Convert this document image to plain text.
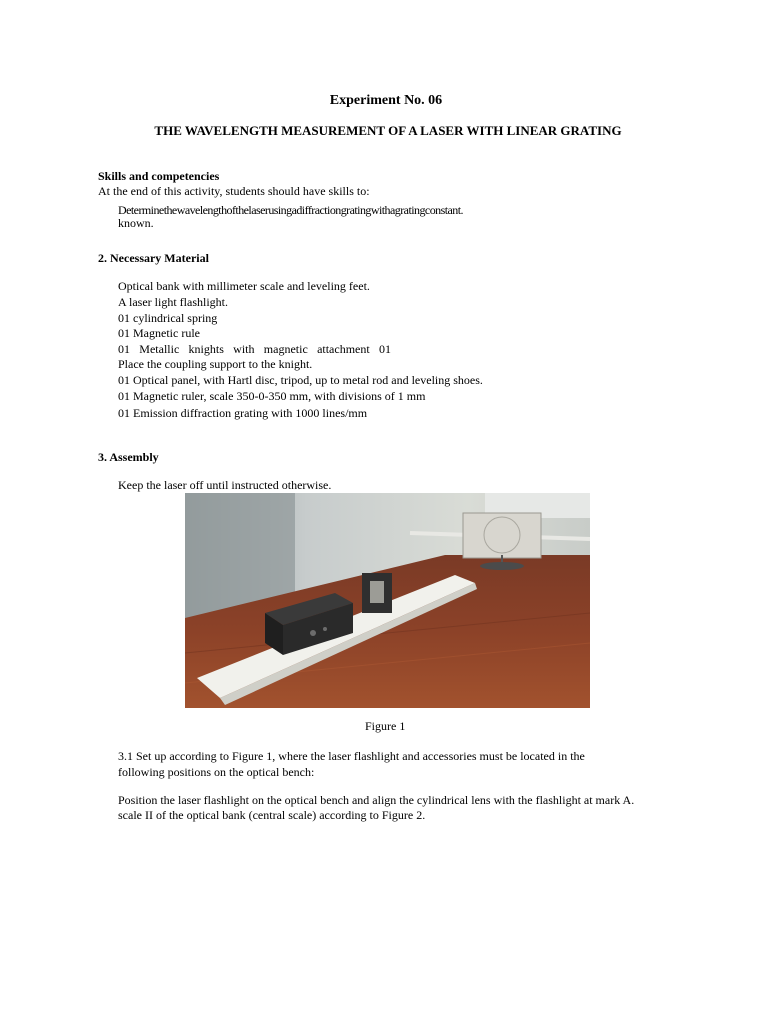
Experiment No. 06
THE WAVELENGTH MEASUREMENT OF A LASER WITH LINEAR GRATING
Skills and competencies
At the end of this activity, students should have skills to:
Determinethewavelengthofthelaserusingadiffractiongratingwithagratingconstant.
known.
2. Necessary Material
Optical bank with millimeter scale and leveling feet.
A laser light flashlight.
01 cylindrical spring
01 Magnetic rule
01 Metallic knights with magnetic attachment 01
Place the coupling support to the knight.
01 Optical panel, with Hartl disc, tripod, up to metal rod and leveling shoes.
01 Magnetic ruler, scale 350-0-350 mm, with divisions of 1 mm
01 Emission diffraction grating with 1000 lines/mm
3. Assembly
Keep the laser off until instructed otherwise.
Figure 1
3.1 Set up according to Figure 1, where the laser flashlight and accessories must be located in the
following positions on the optical bench:
Position the laser flashlight on the optical bench and align the cylindrical lens with the flashlight at mark A.
scale II of the optical bank (central scale) according to Figure 2.
